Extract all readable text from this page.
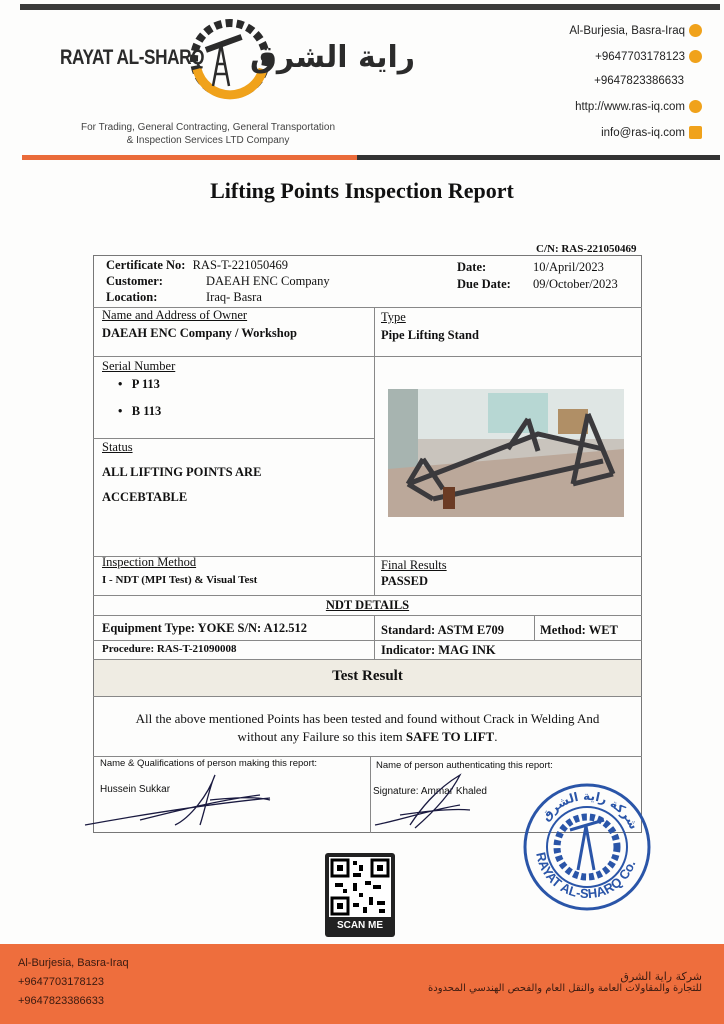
RAYAT AL-SHARQ راية الشرق
For Trading, General Contracting, General Transportation
& Inspection Services LTD Company
Al-Burjesia, Basra-Iraq
+9647703178123
+9647823386633
http://www.ras-iq.com
info@ras-iq.com
Lifting Points Inspection Report
C/N: RAS-221050469
Certificate No: RAS-T-221050469
Customer:	DAEAH ENC Company
Location:	Iraq- Basra
Date:	10/April/2023
Due Date: 09/October/2023
Name and Address of Owner
DAEAH ENC Company / Workshop
Type
Pipe Lifting Stand
Serial Number
•   P 113
•   B 113
Status
ALL LIFTING POINTS ARE
ACCEBTABLE
Inspection Method
I - NDT (MPI Test) & Visual Test
Final Results
PASSED
NDT DETAILS
Equipment Type: YOKE S/N: A12.512	Standard: ASTM E709	Method: WET
Procedure: RAS-T-21090008	Indicator: MAG INK
Test Result
All the above mentioned Points has been tested and found without Crack in Welding And
without any Failure so this item SAFE TO LIFT.
Name & Qualifications of person making this report:
Hussein Sukkar
Name of person authenticating this report:
Signature: Ammar Khaled
RAYAT AL-SHARQ Co.
شركة راية الشرق
SCAN ME
Al-Burjesia, Basra-Iraq
+9647703178123
+9647823386633
شركة راية الشرق
للتجارة والمقاولات العامة والنقل العام والفحص الهندسي المحدودة
